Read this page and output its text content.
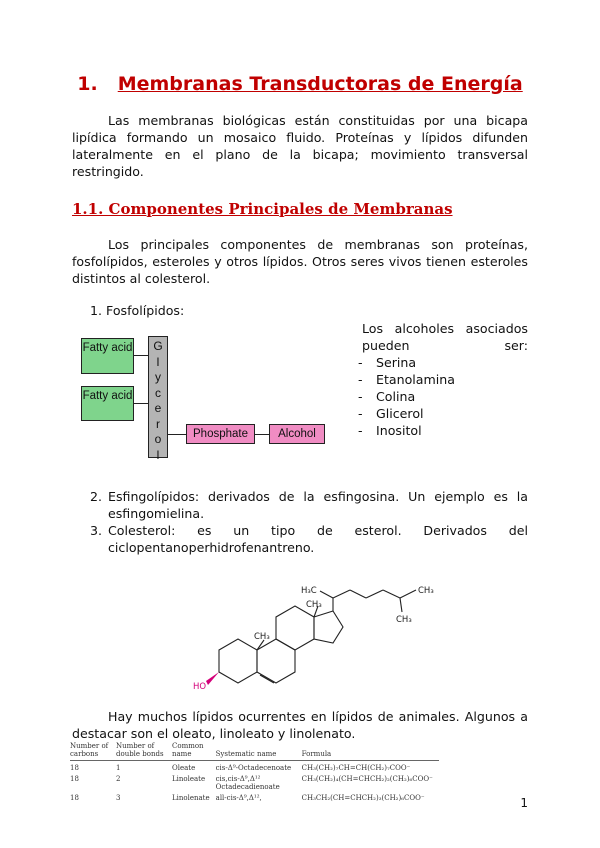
1. Membranas Transductoras de Energía
Las membranas biológicas están constituidas por una bicapa lipídica formando un mosaico fluido. Proteínas y lípidos difunden lateralmente en el plano de la bicapa; movimiento transversal restringido.
1.1. Componentes Principales de Membranas
Los principales componentes de membranas son proteínas, fosfolípidos, esteroles y otros lípidos. Otros seres vivos tienen esteroles distintos al colesterol.
1. Fosfolípidos:
Fatty acid
Fatty acid
G
l
y
c
e
r
o
l
Phosphate	Alcohol
Los alcoholes asociados pueden ser:
- Serina
- Etanolamina
- Colina
- Glicerol
- Inositol
2. Esfingolípidos: derivados de la esfingosina. Un ejemplo es la esfingomielina.
3. Colesterol: es un tipo de esterol. Derivados del ciclopentanoperhidrofenantreno.
H₃C
CH₃
CH₃
CH₃
CH₃
HO
Hay muchos lípidos ocurrentes en lípidos de animales. Algunos a destacar son el oleato, linoleato y linolenato.
Number of carbons	Number of double bonds	Common name	Systematic name	Formula
18	1	Oleate	cis-Δ⁹-Octadecenoate	CH₃(CH₂)₇CH=CH(CH₂)₇COO⁻
18	2	Linoleate	cis,cis-Δ⁹,Δ¹² Octadecadienoate	CH₃(CH₂)₄(CH=CHCH₂)₂(CH₂)₆COO⁻
18	3	Linolenate	all-cis-Δ⁹,Δ¹²,	CH₃CH₂(CH=CHCH₂)₃(CH₂)₆COO⁻	1
